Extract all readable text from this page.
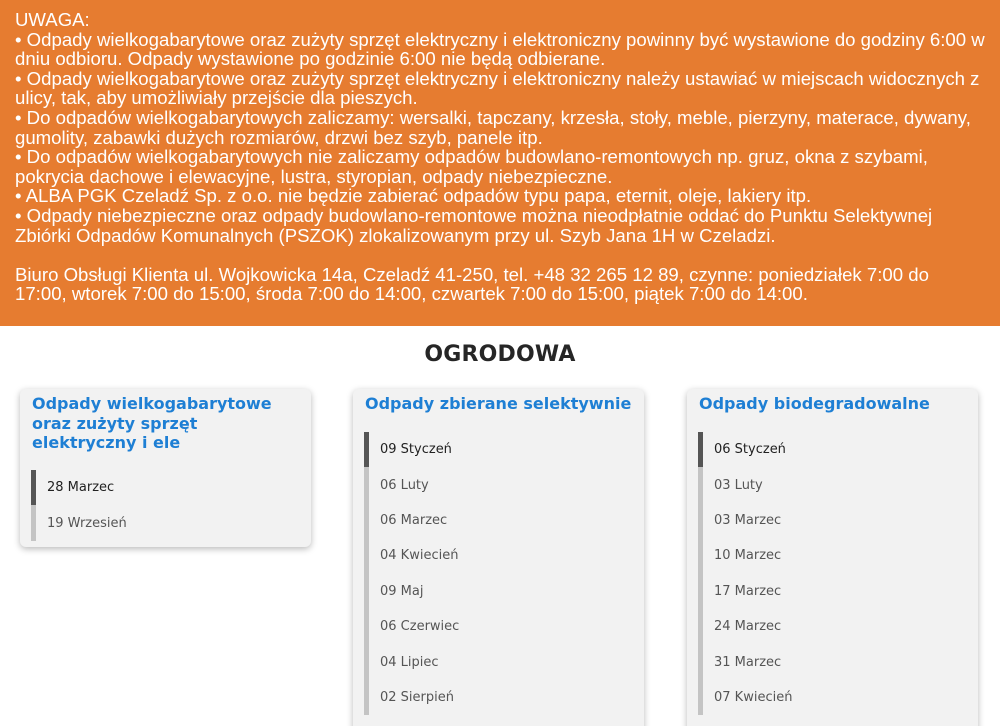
UWAGA:
• Odpady wielkogabarytowe oraz zużyty sprzęt elektryczny i elektroniczny powinny być wystawione do godziny 6:00 w dniu odbioru. Odpady wystawione po godzinie 6:00 nie będą odbierane.
• Odpady wielkogabarytowe oraz zużyty sprzęt elektryczny i elektroniczny należy ustawiać w miejscach widocznych z ulicy, tak, aby umożliwiały przejście dla pieszych.
• Do odpadów wielkogabarytowych zaliczamy: wersalki, tapczany, krzesła, stoły, meble, pierzyny, materace, dywany, gumolity, zabawki dużych rozmiarów, drzwi bez szyb, panele itp.
• Do odpadów wielkogabarytowych nie zaliczamy odpadów budowlano-remontowych np. gruz, okna z szybami, pokrycia dachowe i elewacyjne, lustra, styropian, odpady niebezpieczne.
• ALBA PGK Czeladź Sp. z o.o. nie będzie zabierać odpadów typu papa, eternit, oleje, lakiery itp.
• Odpady niebezpieczne oraz odpady budowlano-remontowe można nieodpłatnie oddać do Punktu Selektywnej Zbiórki Odpadów Komunalnych (PSZOK) zlokalizowanym przy ul. Szyb Jana 1H w Czeladzi.
Biuro Obsługi Klienta ul. Wojkowicka 14a, Czeladź 41-250, tel. +48 32 265 12 89, czynne: poniedziałek 7:00 do 17:00, wtorek 7:00 do 15:00, środa 7:00 do 14:00, czwartek 7:00 do 15:00, piątek 7:00 do 14:00.
OGRODOWA
Odpady wielkogabarytowe oraz zużyty sprzęt elektryczny i ele
28 Marzec
19 Wrzesień
Odpady zbierane selektywnie
09 Styczeń
06 Luty
06 Marzec
04 Kwiecień
09 Maj
06 Czerwiec
04 Lipiec
02 Sierpień
Odpady biodegradowalne
06 Styczeń
03 Luty
03 Marzec
10 Marzec
17 Marzec
24 Marzec
31 Marzec
07 Kwiecień
